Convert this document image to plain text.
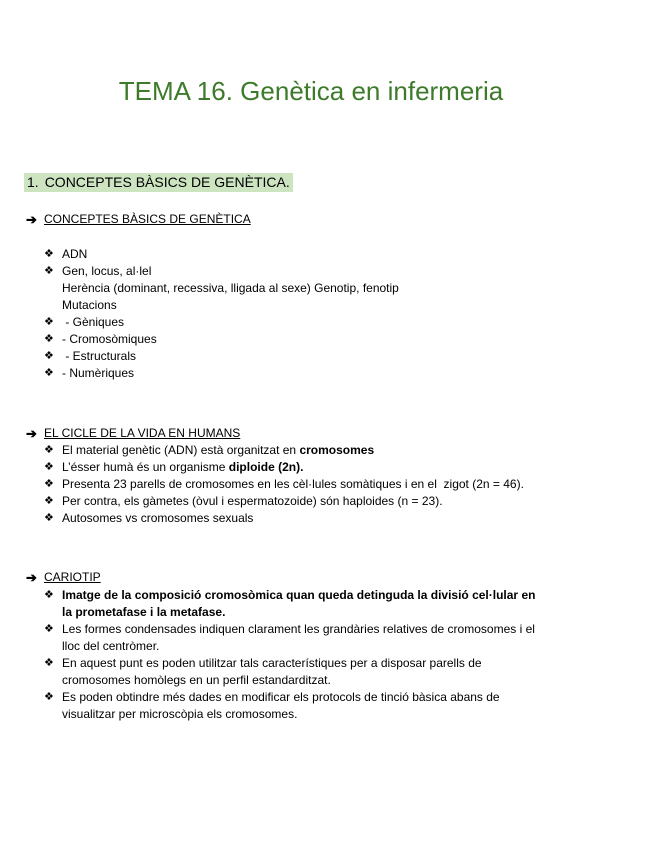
TEMA 16. Genètica en infermeria
1. CONCEPTES BÀSICS DE GENÈTICA.
➔ CONCEPTES BÀSICS DE GENÈTICA
❖ ADN
❖ Gen, locus, al·lel
Herència (dominant, recessiva, lligada al sexe) Genotip, fenotip
Mutacions
❖ - Gèniques
❖ - Cromosòmiques
❖ - Estructurals
❖ - Numèriques
➔ EL CICLE DE LA VIDA EN HUMANS
❖ El material genètic (ADN) està organitzat en cromosomes
❖ L’ésser humà és un organisme diploide (2n).
❖ Presenta 23 parells de cromosomes en les cèl·lules somàtiques i en el  zigot (2n = 46).
❖ Per contra, els gàmetes (òvul i espermatozoide) són haploides (n = 23).
❖ Autosomes vs cromosomes sexuals
➔ CARIOTIP
❖ Imatge de la composició cromosòmica quan queda detinguda la divisió cel·lular en
la prometafase i la metafase.
❖ Les formes condensades indiquen clarament les grandàries relatives de cromosomes i el
lloc del centròmer.
❖ En aquest punt es poden utilitzar tals característiques per a disposar parells de
cromosomes homòlegs en un perfil estandarditzat.
❖ Es poden obtindre més dades en modificar els protocols de tinció bàsica abans de
visualitzar per microscòpia els cromosomes.
